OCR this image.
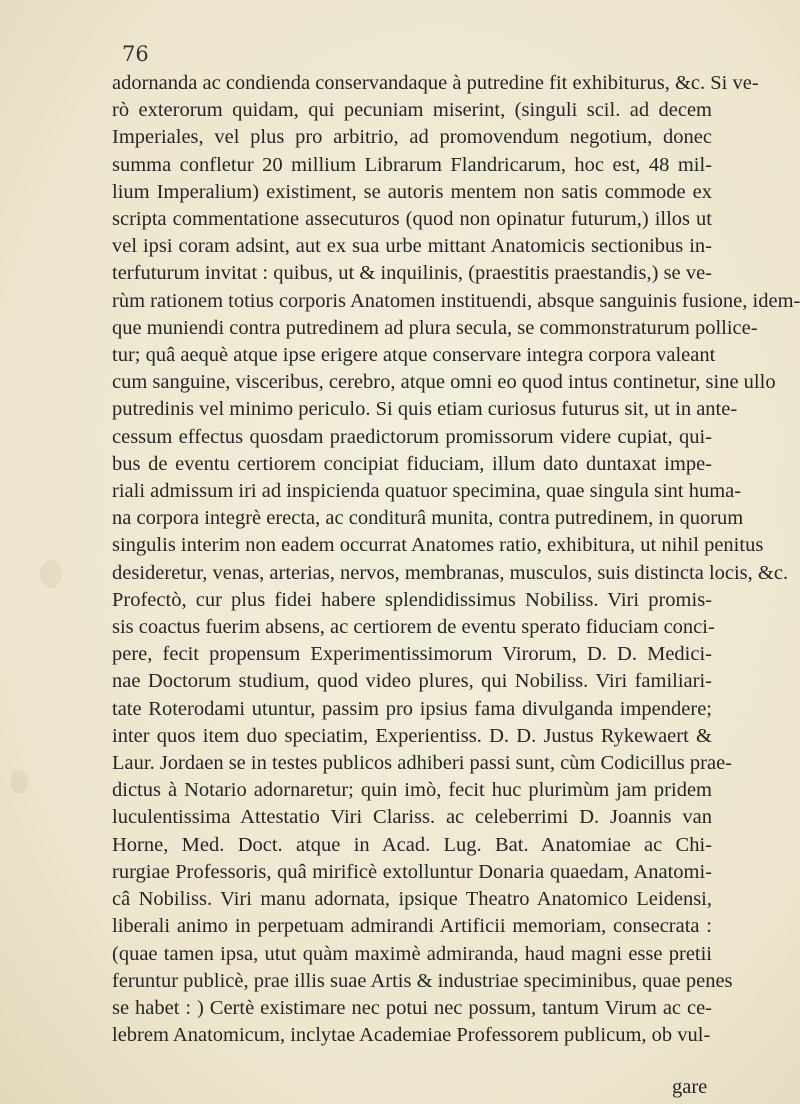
76

adornanda ac condienda conservandaque à putredine fit exhibiturus, &c. Si ve-
rò exterorum quidam, qui pecuniam miserint, (singuli scil. ad decem
Imperiales, vel plus pro arbitrio, ad promovendum negotium, donec
summa confletur 20 millium Librarum Flandricarum, hoc est, 48 mil-
lium Imperalium) existiment, se autoris mentem non satis commode ex
scripta commentatione assecuturos (quod non opinatur futurum,) illos ut
vel ipsi coram adsint, aut ex sua urbe mittant Anatomicis sectionibus in-
terfuturum invitat : quibus, ut & inquilinis, (praestitis praestandis,) se ve-
rùm rationem totius corporis Anatomen instituendi, absque sanguinis fusione, idem-
que muniendi contra putredinem ad plura secula, se commonstraturum pollice-
tur; quâ aequè atque ipse erigere atque conservare integra corpora valeant
cum sanguine, visceribus, cerebro, atque omni eo quod intus continetur, sine ullo
putredinis vel minimo periculo. Si quis etiam curiosus futurus sit, ut in ante-
cessum effectus quosdam praedictorum promissorum videre cupiat, qui-
bus de eventu certiorem concipiat fiduciam, illum dato duntaxat impe-
riali admissum iri ad inspicienda quatuor specimina, quae singula sint huma-
na corpora integrè erecta, ac conditurâ munita, contra putredinem, in quorum
singulis interim non eadem occurrat Anatomes ratio, exhibitura, ut nihil penitus
desideretur, venas, arterias, nervos, membranas, musculos, suis distincta locis, &c.
Profectò, cur plus fidei habere splendidissimus Nobiliss. Viri promis-
sis coactus fuerim absens, ac certiorem de eventu sperato fiduciam conci-
pere, fecit propensum Experimentissimorum Virorum, D. D. Medici-
nae Doctorum studium, quod video plures, qui Nobiliss. Viri familiari-
tate Roterodami utuntur, passim pro ipsius fama divulganda impendere;
inter quos item duo speciatim, Experientiss. D. D. Justus Rykewaert &
Laur. Jordaen se in testes publicos adhiberi passi sunt, cùm Codicillus prae-
dictus à Notario adornaretur; quin imò, fecit huc plurimùm jam pridem
luculentissima Attestatio Viri Clariss. ac celeberrimi D. Joannis van
Horne, Med. Doct. atque in Acad. Lug. Bat. Anatomiae ac Chi-
rurgiae Professoris, quâ mirificè extolluntur Donaria quaedam, Anatomi-
câ Nobiliss. Viri manu adornata, ipsique Theatro Anatomico Leidensi,
liberali animo in perpetuam admirandi Artificii memoriam, consecrata :
(quae tamen ipsa, utut quàm maximè admiranda, haud magni esse pretii
feruntur publicè, prae illis suae Artis & industriae speciminibus, quae penes
se habet : ) Certè existimare nec potui nec possum, tantum Virum ac ce-
lebrem Anatomicum, inclytae Academiae Professorem publicum, ob vul-

gare
